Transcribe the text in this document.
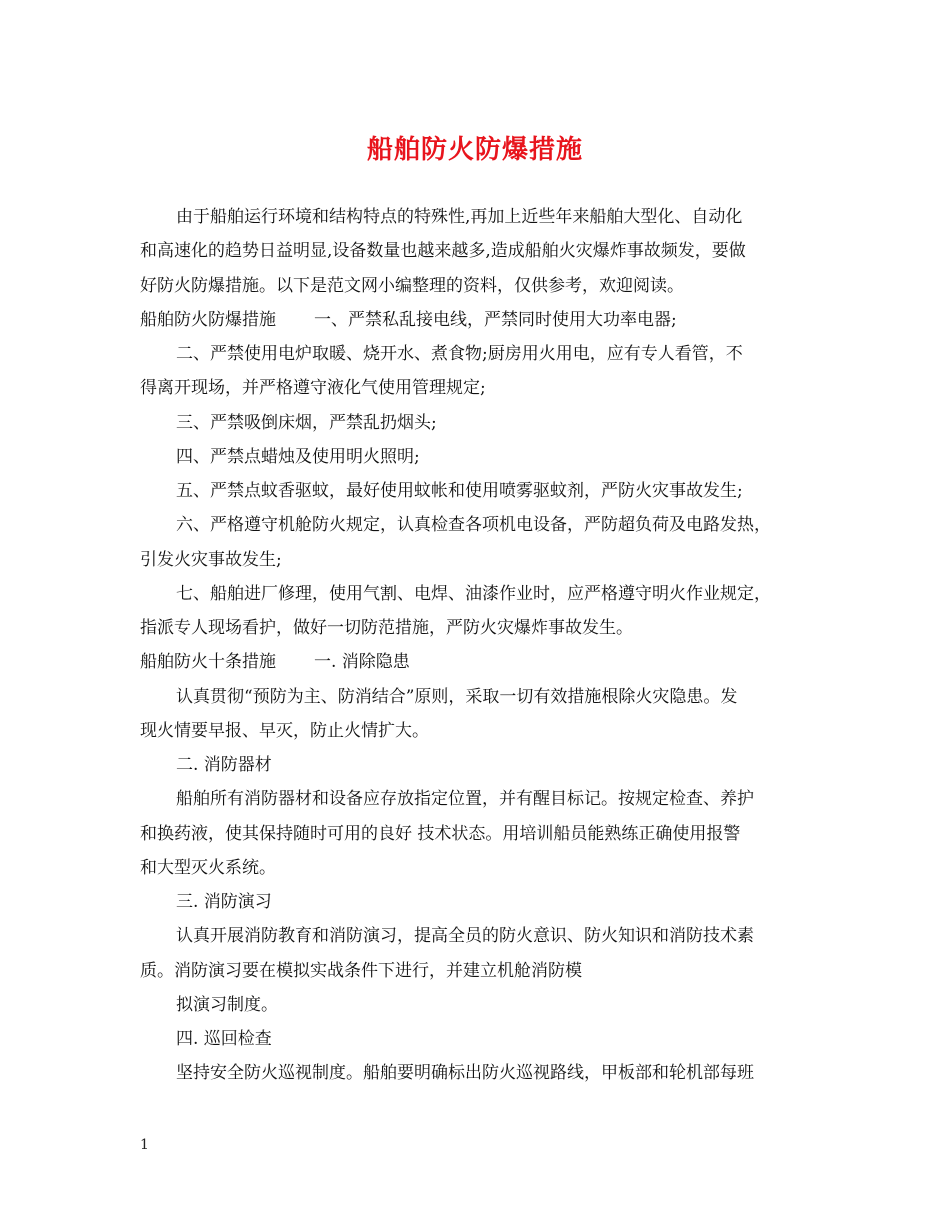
船舶防火防爆措施
由于船舶运行环境和结构特点的特殊性,再加上近些年来船舶大型化、自动化
和高速化的趋势日益明显,设备数量也越来越多,造成船舶火灾爆炸事故频发，要做
好防火防爆措施。以下是范文网小编整理的资料，仅供参考，欢迎阅读。
船舶防火防爆措施 一、严禁私乱接电线，严禁同时使用大功率电器;
二、严禁使用电炉取暖、烧开水、煮食物;厨房用火用电，应有专人看管，不
得离开现场，并严格遵守液化气使用管理规定;
三、严禁吸倒床烟，严禁乱扔烟头;
四、严禁点蜡烛及使用明火照明;
五、严禁点蚊香驱蚊，最好使用蚊帐和使用喷雾驱蚊剂，严防火灾事故发生;
六、严格遵守机舱防火规定，认真检查各项机电设备，严防超负荷及电路发热，
引发火灾事故发生;
七、船舶进厂修理，使用气割、电焊、油漆作业时，应严格遵守明火作业规定，
指派专人现场看护，做好一切防范措施，严防火灾爆炸事故发生。
船舶防火十条措施 一. 消除隐患
认真贯彻“预防为主、防消结合”原则，采取一切有效措施根除火灾隐患。发
现火情要早报、早灭，防止火情扩大。
二. 消防器材
船舶所有消防器材和设备应存放指定位置，并有醒目标记。按规定检查、养护
和换药液，使其保持随时可用的良好 技术状态。用培训船员能熟练正确使用报警
和大型灭火系统。
三. 消防演习
认真开展消防教育和消防演习，提高全员的防火意识、防火知识和消防技术素
质。消防演习要在模拟实战条件下进行，并建立机舱消防模
拟演习制度。
四. 巡回检查
坚持安全防火巡视制度。船舶要明确标出防火巡视路线，甲板部和轮机部每班
1
